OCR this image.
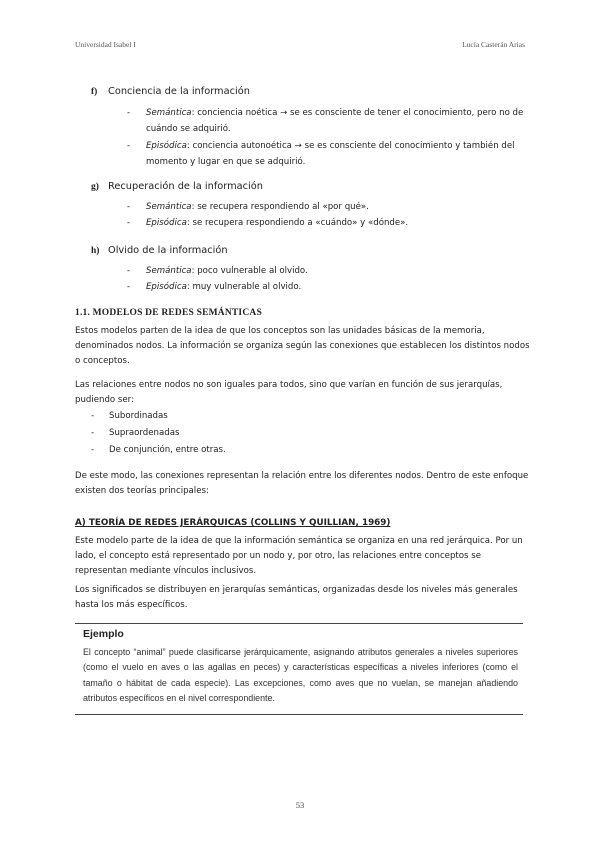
Universidad Isabel I	Lucía Casterán Arias
f) Conciencia de la información
- Semántica: conciencia noética → se es consciente de tener el conocimiento, pero no de cuándo se adquirió.
- Episódica: conciencia autonoética → se es consciente del conocimiento y también del momento y lugar en que se adquirió.
g) Recuperación de la información
- Semántica: se recupera respondiendo al «por qué».
- Episódica: se recupera respondiendo a «cuándo» y «dónde».
h) Olvido de la información
- Semántica: poco vulnerable al olvido.
- Episódica: muy vulnerable al olvido.
1.1. MODELOS DE REDES SEMÁNTICAS
Estos modelos parten de la idea de que los conceptos son las unidades básicas de la memoria, denominados nodos. La información se organiza según las conexiones que establecen los distintos nodos o conceptos.
Las relaciones entre nodos no son iguales para todos, sino que varían en función de sus jerarquías, pudiendo ser:
- Subordinadas
- Supraordenadas
- De conjunción, entre otras.
De este modo, las conexiones representan la relación entre los diferentes nodos. Dentro de este enfoque existen dos teorías principales:
A) TEORÍA DE REDES JERÁRQUICAS (COLLINS Y QUILLIAN, 1969)
Este modelo parte de la idea de que la información semántica se organiza en una red jerárquica. Por un lado, el concepto está representado por un nodo y, por otro, las relaciones entre conceptos se representan mediante vínculos inclusivos.
Los significados se distribuyen en jerarquías semánticas, organizadas desde los niveles más generales hasta los más específicos.
Ejemplo
El concepto “animal” puede clasificarse jerárquicamente, asignando atributos generales a niveles superiores (como el vuelo en aves o las agallas en peces) y características específicas a niveles inferiores (como el tamaño o hábitat de cada especie). Las excepciones, como aves que no vuelan, se manejan añadiendo atributos específicos en el nivel correspondiente.
53
